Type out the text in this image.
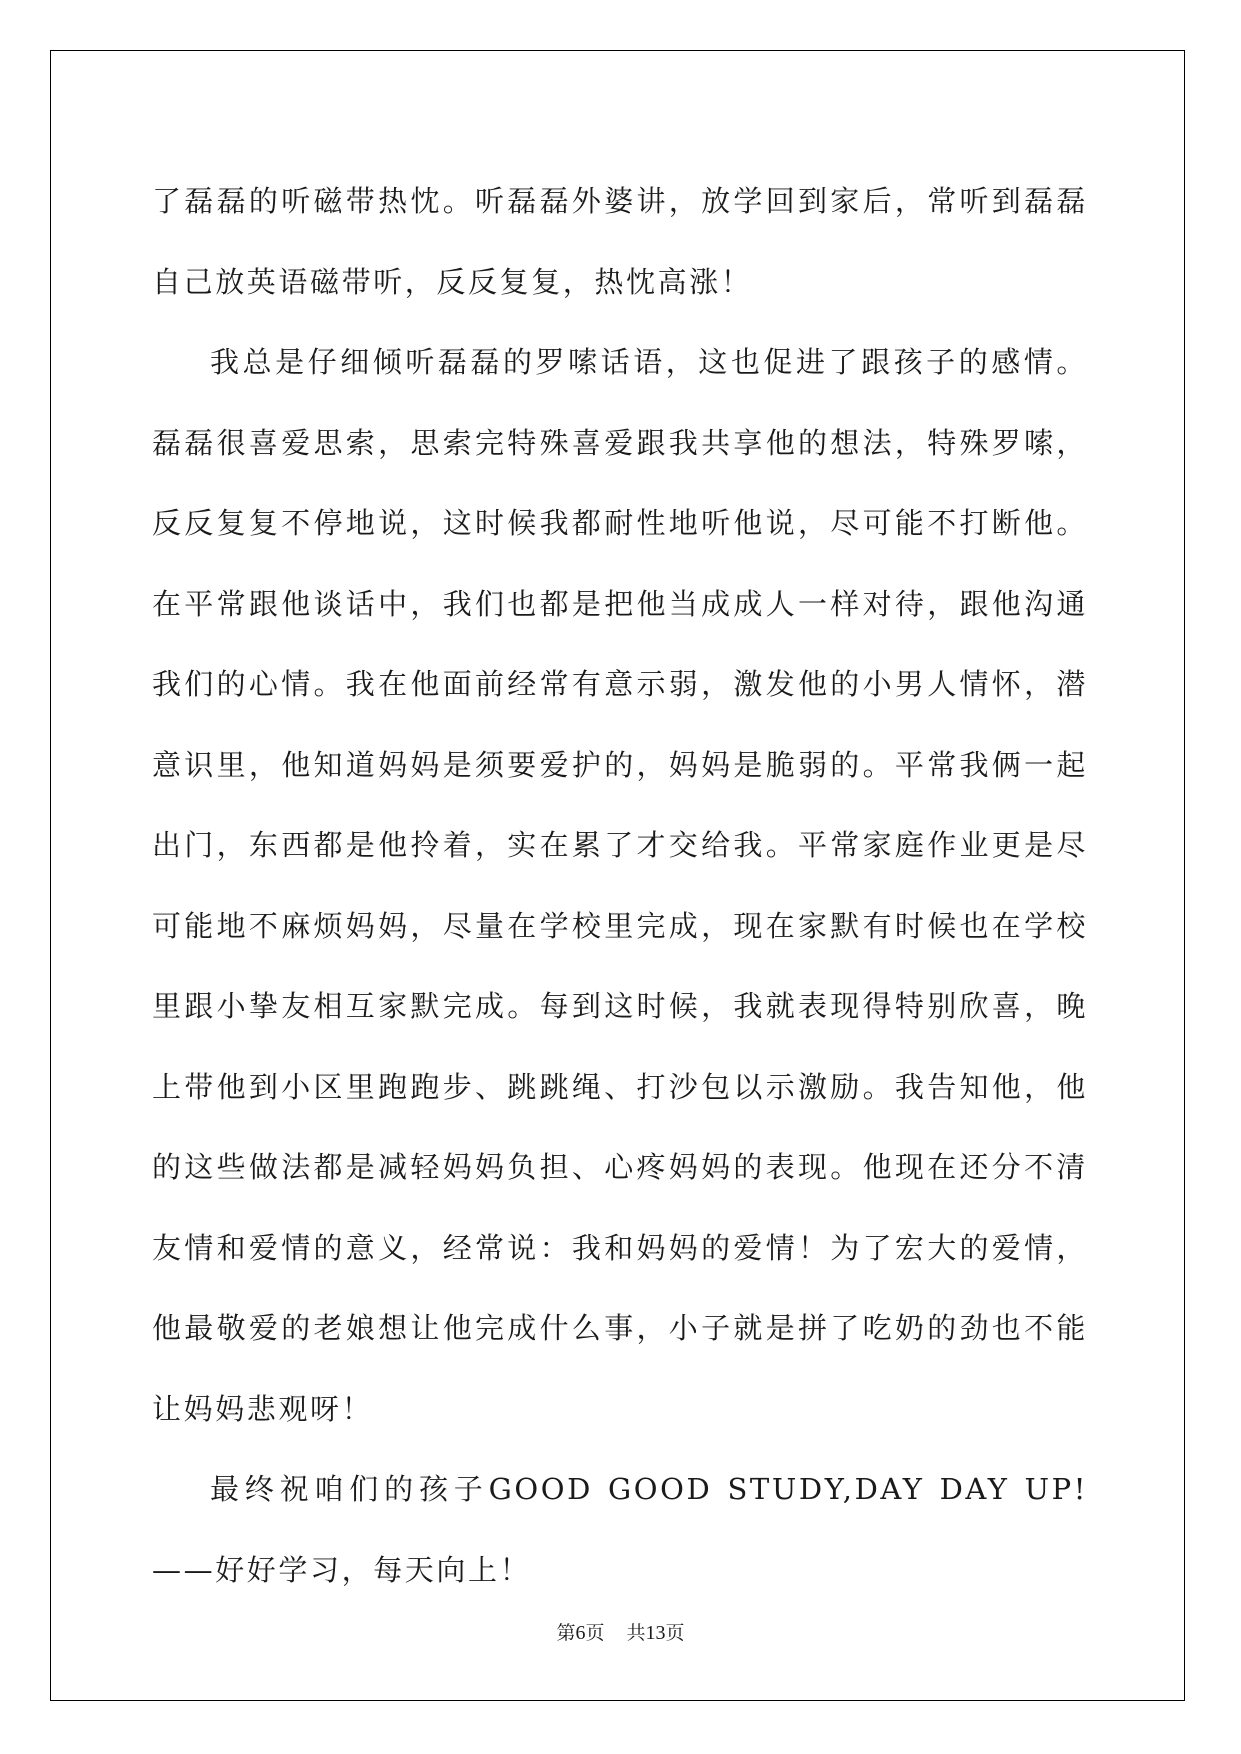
了磊磊的听磁带热忱。听磊磊外婆讲，放学回到家后，常听到磊磊自己放英语磁带听，反反复复，热忱高涨！

我总是仔细倾听磊磊的罗嗦话语，这也促进了跟孩子的感情。磊磊很喜爱思索，思索完特殊喜爱跟我共享他的想法，特殊罗嗦，反反复复不停地说，这时候我都耐性地听他说，尽可能不打断他。在平常跟他谈话中，我们也都是把他当成成人一样对待，跟他沟通我们的心情。我在他面前经常有意示弱，激发他的小男人情怀，潜意识里，他知道妈妈是须要爱护的，妈妈是脆弱的。平常我俩一起出门，东西都是他拎着，实在累了才交给我。平常家庭作业更是尽可能地不麻烦妈妈，尽量在学校里完成，现在家默有时候也在学校里跟小挚友相互家默完成。每到这时候，我就表现得特别欣喜，晚上带他到小区里跑跑步、跳跳绳、打沙包以示激励。我告知他，他的这些做法都是减轻妈妈负担、心疼妈妈的表现。他现在还分不清友情和爱情的意义，经常说：我和妈妈的爱情！为了宏大的爱情，他最敬爱的老娘想让他完成什么事，小子就是拼了吃奶的劲也不能让妈妈悲观呀！

最终祝咱们的孩子GOOD GOOD STUDY,DAY DAY UP!——好好学习，每天向上！

第6页 共13页
